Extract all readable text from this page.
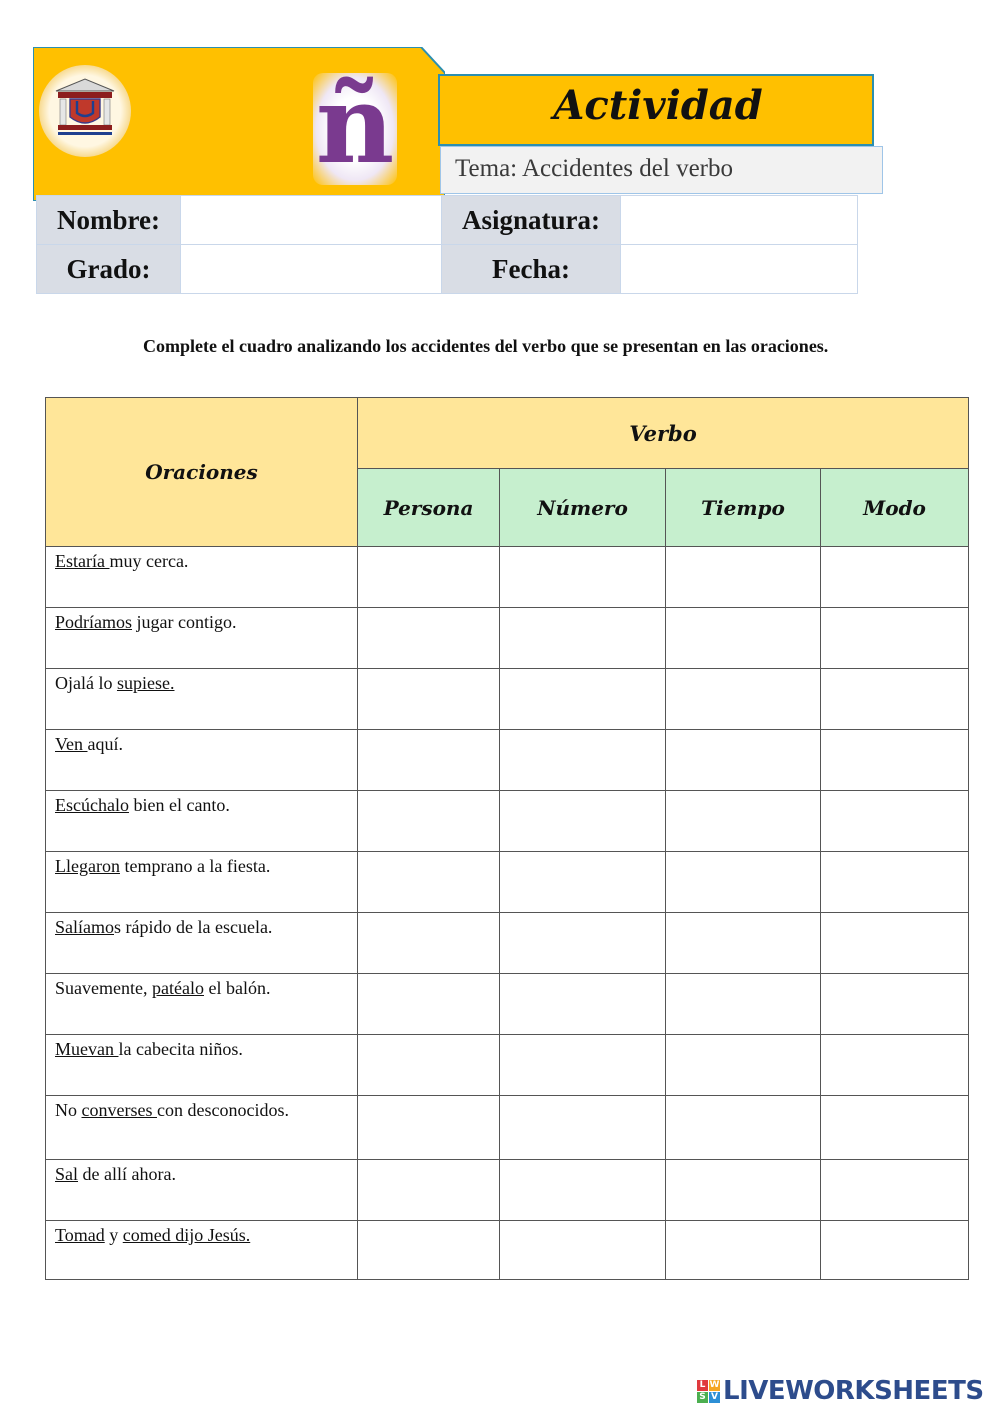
ñ	Actividad
Tema: Accidentes del verbo
Nombre:		Asignatura:	
Grado:		Fecha:	
Complete el cuadro analizando los accidentes del verbo que se presentan en las oraciones.
Oraciones	Verbo			
	Persona	Número	Tiempo	Modo
Estaría muy cerca.				
Podríamos jugar contigo.				
Ojalá lo supiese.				
Ven aquí.				
Escúchalo bien el canto.				
Llegaron temprano a la fiesta.				
Salíamos rápido de la escuela.				
Suavemente, patéalo el balón.				
Muevan la cabecita niños.				
No converses con desconocidos.				
Sal de allí ahora.				
Tomad y comed dijo Jesús.				
L W
S V LIVEWORKSHEETS
